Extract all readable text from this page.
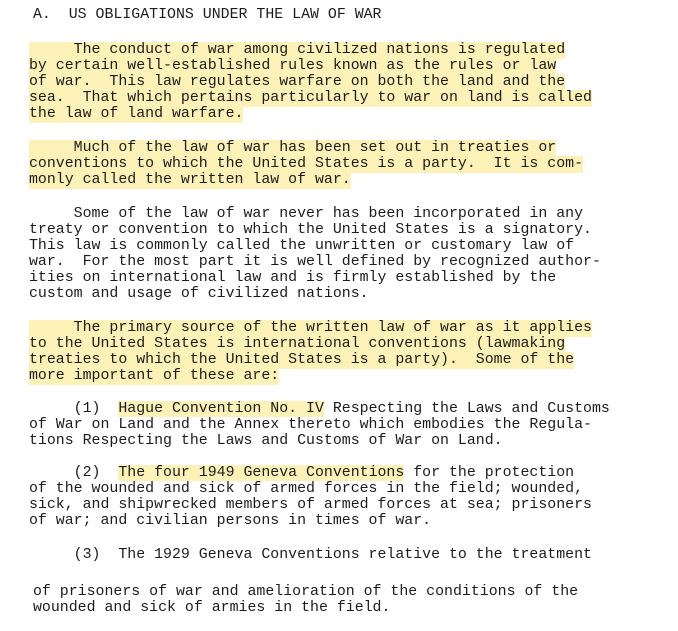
A.  US OBLIGATIONS UNDER THE LAW OF WAR
The conduct of war among civilized nations is regulated
by certain well-established rules known as the rules or law
of war.  This law regulates warfare on both the land and the
sea.  That which pertains particularly to war on land is called
the law of land warfare.
Much of the law of war has been set out in treaties or
conventions to which the United States is a party.  It is com-
monly called the written law of war.
Some of the law of war never has been incorporated in any
treaty or convention to which the United States is a signatory.
This law is commonly called the unwritten or customary law of
war.  For the most part it is well defined by recognized author-
ities on international law and is firmly established by the
custom and usage of civilized nations.
The primary source of the written law of war as it applies
to the United States is international conventions (lawmaking
treaties to which the United States is a party).  Some of the
more important of these are:
(1)  Hague Convention No. IV Respecting the Laws and Customs
of War on Land and the Annex thereto which embodies the Regula-
tions Respecting the Laws and Customs of War on Land.
(2)  The four 1949 Geneva Conventions for the protection
of the wounded and sick of armed forces in the field; wounded,
sick, and shipwrecked members of armed forces at sea; prisoners
of war; and civilian persons in times of war.
(3)  The 1929 Geneva Conventions relative to the treatment
of prisoners of war and amelioration of the conditions of the
wounded and sick of armies in the field.
